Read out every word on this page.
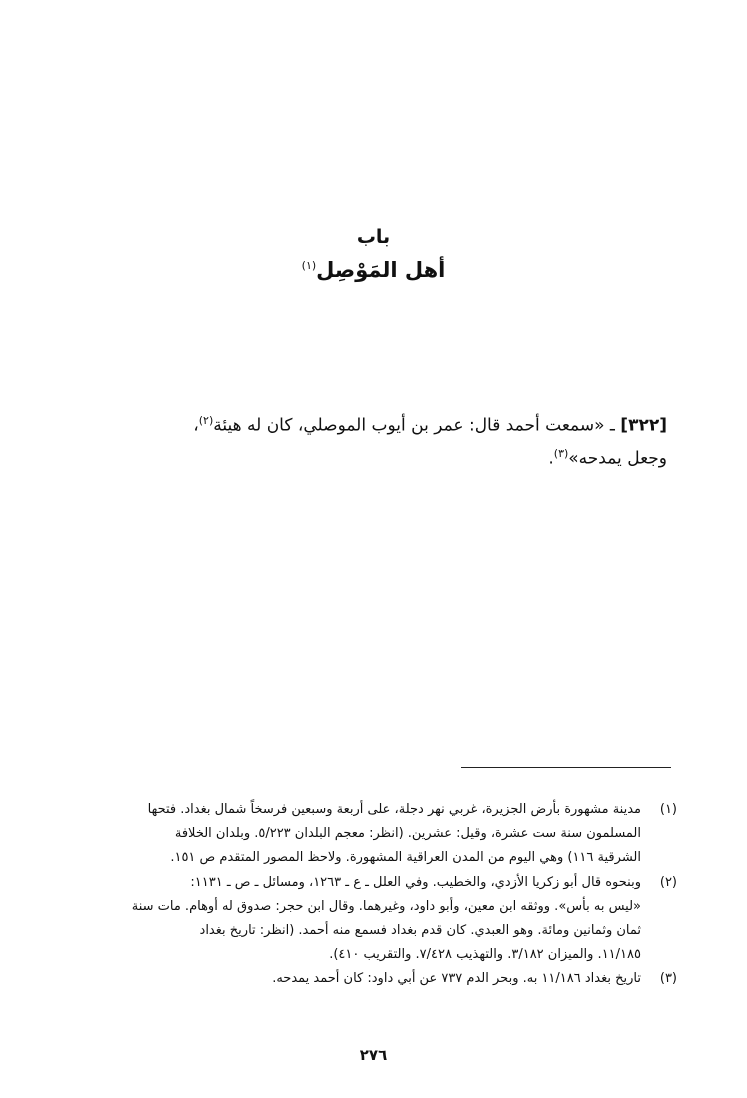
باب
أهل المَوْصِل$^{(١)}$
[٣٢٢] ـ «سمعت أحمد قال: عمر بن أيوب الموصلي، كان له هيئة$^{(٢)}$،
وجعل يمدحه»$^{(٣)}$.
(١)
مدينة مشهورة بأرض الجزيرة، غربي نهر دجلة، على أربعة وسبعين فرسخاً شمال بغداد. فتحها
المسلمون سنة ست عشرة، وقيل: عشرين. (انظر: معجم البلدان ٥/٢٢٣. وبلدان الخلافة
الشرقية ١١٦) وهي اليوم من المدن العراقية المشهورة. ولاحظ المصور المتقدم ص ١٥١.
(٢)
وبنحوه قال أبو زكريا الأزدي، والخطيب. وفي العلل ـ ع ـ ١٢٦٣، ومسائل ـ ص ـ ١١٣١:
«ليس به بأس». ووثقه ابن معين، وأبو داود، وغيرهما. وقال ابن حجر: صدوق له أوهام. مات سنة
ثمان وثمانين ومائة. وهو العبدي. كان قدم بغداد فسمع منه أحمد. (انظر: تاريخ بغداد
١١/١٨٥. والميزان ٣/١٨٢. والتهذيب ٧/٤٢٨. والتقريب ٤١٠).
(٣)
تاريخ بغداد ١١/١٨٦ به. وبحر الدم ٧٣٧ عن أبي داود: كان أحمد يمدحه.
٢٧٦
